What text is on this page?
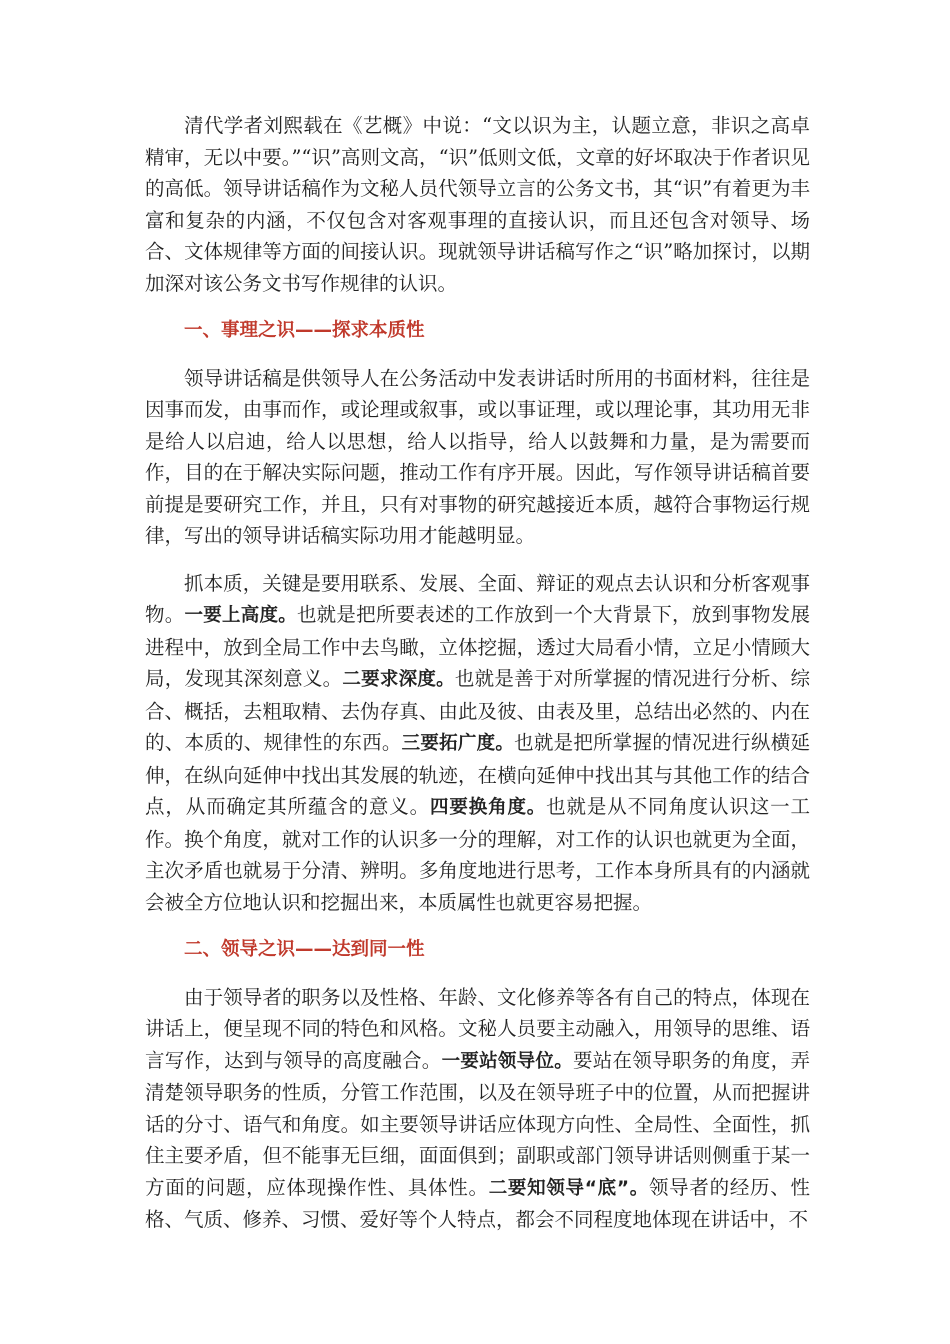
清代学者刘熙载在《艺概》中说：“文以识为主，认题立意，非识之高卓精审，无以中要。”“识”高则文高，“识”低则文低，文章的好坏取决于作者识见的高低。领导讲话稿作为文秘人员代领导立言的公务文书，其“识”有着更为丰富和复杂的内涵，不仅包含对客观事理的直接认识，而且还包含对领导、场合、文体规律等方面的间接认识。现就领导讲话稿写作之“识”略加探讨，以期加深对该公务文书写作规律的认识。

一、事理之识——探求本质性

领导讲话稿是供领导人在公务活动中发表讲话时所用的书面材料，往往是因事而发，由事而作，或论理或叙事，或以事证理，或以理论事，其功用无非是给人以启迪，给人以思想，给人以指导，给人以鼓舞和力量，是为需要而作，目的在于解决实际问题，推动工作有序开展。因此，写作领导讲话稿首要前提是要研究工作，并且，只有对事物的研究越接近本质，越符合事物运行规律，写出的领导讲话稿实际功用才能越明显。

抓本质，关键是要用联系、发展、全面、辩证的观点去认识和分析客观事物。一要上高度。也就是把所要表述的工作放到一个大背景下，放到事物发展进程中，放到全局工作中去鸟瞰，立体挖掘，透过大局看小情，立足小情顾大局，发现其深刻意义。二要求深度。也就是善于对所掌握的情况进行分析、综合、概括，去粗取精、去伪存真、由此及彼、由表及里，总结出必然的、内在的、本质的、规律性的东西。三要拓广度。也就是把所掌握的情况进行纵横延伸，在纵向延伸中找出其发展的轨迹，在横向延伸中找出其与其他工作的结合点，从而确定其所蕴含的意义。四要换角度。也就是从不同角度认识这一工作。换个角度，就对工作的认识多一分的理解，对工作的认识也就更为全面，主次矛盾也就易于分清、辨明。多角度地进行思考，工作本身所具有的内涵就会被全方位地认识和挖掘出来，本质属性也就更容易把握。

二、领导之识——达到同一性

由于领导者的职务以及性格、年龄、文化修养等各有自己的特点，体现在讲话上，便呈现不同的特色和风格。文秘人员要主动融入，用领导的思维、语言写作，达到与领导的高度融合。一要站领导位。要站在领导职务的角度，弄清楚领导职务的性质，分管工作范围，以及在领导班子中的位置，从而把握讲话的分寸、语气和角度。如主要领导讲话应体现方向性、全局性、全面性，抓住主要矛盾，但不能事无巨细，面面俱到；副职或部门领导讲话则侧重于某一方面的问题，应体现操作性、具体性。二要知领导“底”。领导者的经历、性格、气质、修养、习惯、爱好等个人特点，都会不同程度地体现在讲话中，不
